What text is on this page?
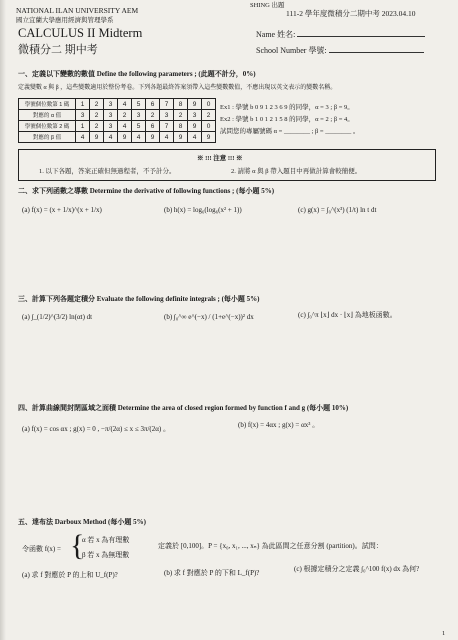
SHING 出題
NATIONAL ILAN UNIVERSITY AEM
國立宜蘭大學應用經濟與管理學系
111-2 學年度微積分二期中考 2023.04.10
CALCULUS II Midterm
微積分二 期中考
Name 姓名:
School Number 學號:
一、定義以下變數的數值 Define the following parameters ; (此題不計分，0%)
定義變數 α 與 β ，這些變數適用於整份考卷。下列各題最終答案須帶入這些變數數值，不應出現以英文表示的變數名稱。
學號個位數第 1 碼	1	2	3	4	5	6	7	8	9	0
對應的 α 值	3	2	3	2	3	2	3	2	3	2
學號個位數第 2 碼	1	2	3	4	5	6	7	8	9	0
對應的 β 值	4	9	4	9	4	9	4	9	4	9
Ex1 : 學號 b 0 9 1 2 3 6 9 的同學，α = 3 ; β = 9。
Ex2 : 學號 b 1 0 1 2 1 5 8 的同學，α = 2 ; β = 4。
試問您的專屬號碼 α = ________ ; β = ________ 。
※ !!! 注意 !!! ※
1. 以下各題，答案正確但無過程者，不予計分。	2. 請將 α 與 β 帶入題目中再做計算會較簡便。
二、求下列函數之導數 Determine the derivative of following functions ; (每小題 5%)
(a) f(x) = (x + 1/x)^(x + 1/x)	(b) h(x) = log₆(log₆(x² + 1))	(c) g(x) = ∫₀^(x³) (1/t) ln t dt
三、計算下列各題定積分 Evaluate the following definite integrals ; (每小題 5%)
(a) ∫_(1/2)^(3/2) ln(αt) dt	(b) ∫₀^∞ e^(−x) / (1+e^(−x))² dx	(c) ∫₀^π ⌊x⌋ dx · ⌊x⌋ 為地板函數。
四、計算曲線間封閉區域之面積 Determine the area of closed region formed by function f and g (每小題 10%)
(a) f(x) = cos αx ; g(x) = 0 , −π/(2α) ≤ x ≤ 3π/(2α) 。	(b) f(x) = 4αx ; g(x) = αx³ 。
五、達布法 Darboux Method (每小題 5%)
令函數 f(x) = {
α 若 x 為有理數
β 若 x 為無理數
定義於 [0,100]。P = {x₀, x₁, ..., xₙ} 為此區間之任意分割 (partition)。試問：
(a) 求 f 對應於 P 的上和 U_f(P)?	(b) 求 f 對應於 P 的下和 L_f(P)?	(c) 根據定積分之定義 ∫₀^100 f(x) dx 為何?
1
